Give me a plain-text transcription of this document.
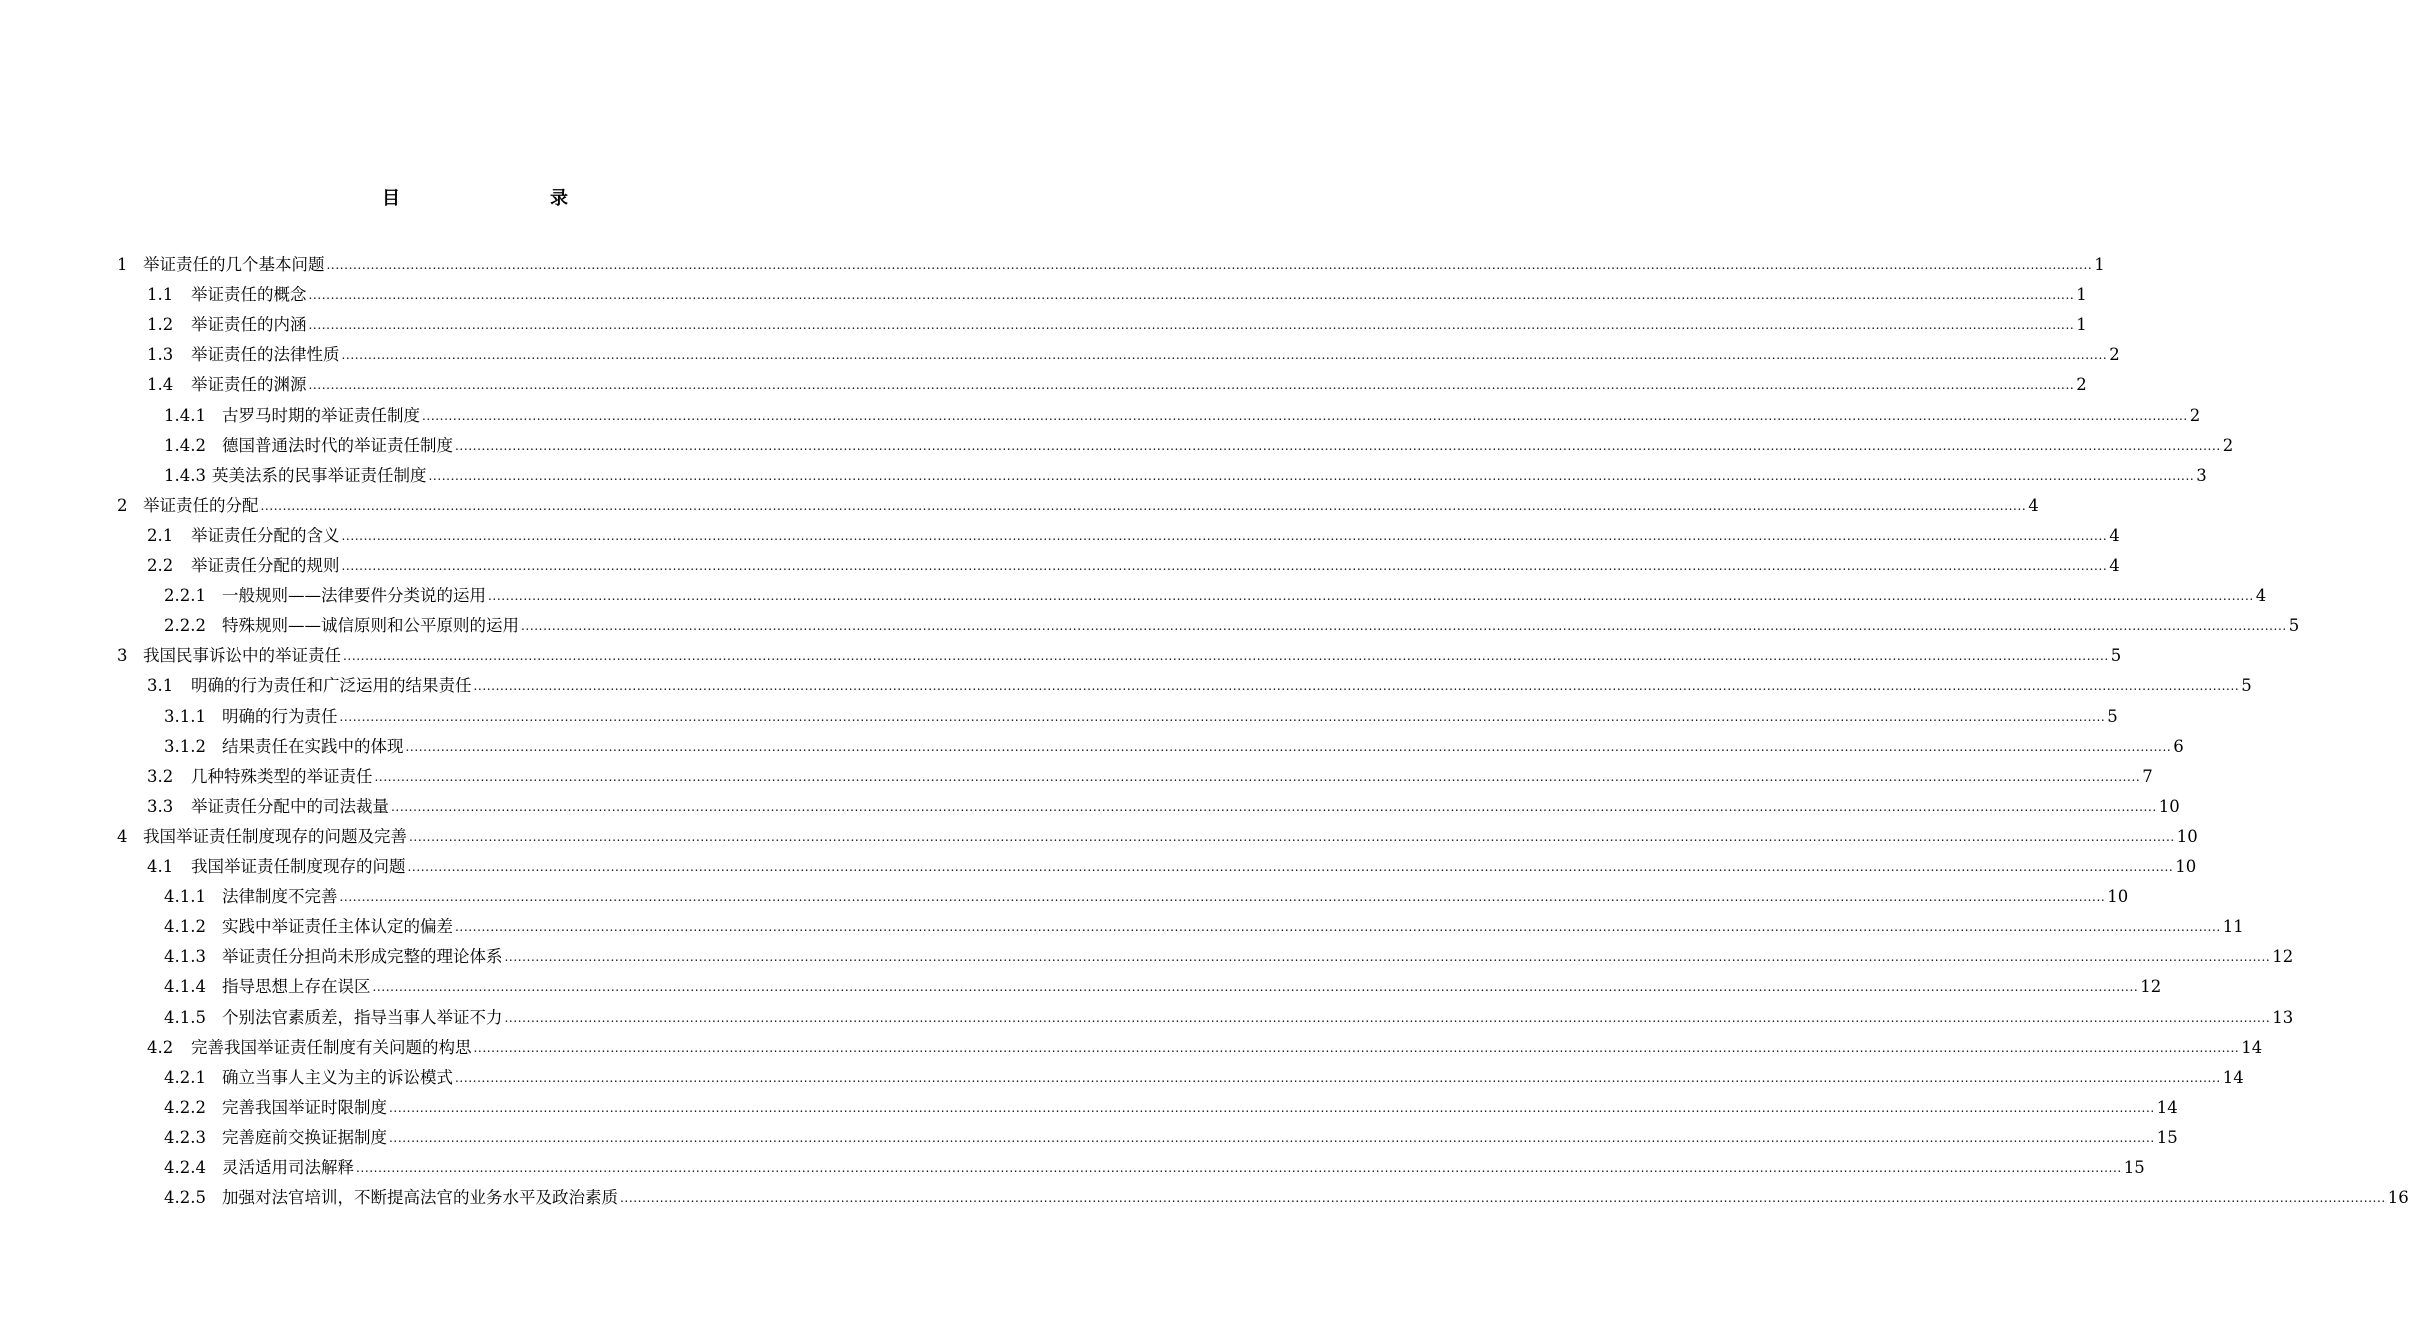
目　　录
1 举证责任的几个基本问题 ................................................................................................................................................................................................................................................................................................................................................................................................................ 1
1.1	举证责任的概念 ................................................................................................................................................................................................................................................................................................................................................................................................................ 1
1.2	举证责任的内涵 ................................................................................................................................................................................................................................................................................................................................................................................................................ 1
1.3	举证责任的法律性质 ................................................................................................................................................................................................................................................................................................................................................................................................................ 2
1.4	举证责任的渊源 ................................................................................................................................................................................................................................................................................................................................................................................................................ 2
1.4.1 古罗马时期的举证责任制度 ................................................................................................................................................................................................................................................................................................................................................................................................................ 2
1.4.2 德国普通法时代的举证责任制度 ................................................................................................................................................................................................................................................................................................................................................................................................................ 2
1.4.3 英美法系的民事举证责任制度 ................................................................................................................................................................................................................................................................................................................................................................................................................ 3
2 举证责任的分配 ................................................................................................................................................................................................................................................................................................................................................................................................................ 4
2.1	举证责任分配的含义 ................................................................................................................................................................................................................................................................................................................................................................................................................ 4
2.2	举证责任分配的规则 ................................................................................................................................................................................................................................................................................................................................................................................................................ 4
2.2.1 一般规则——法律要件分类说的运用 ................................................................................................................................................................................................................................................................................................................................................................................................................ 4
2.2.2 特殊规则——诚信原则和公平原则的运用 ................................................................................................................................................................................................................................................................................................................................................................................................................ 5
3 我国民事诉讼中的举证责任 ................................................................................................................................................................................................................................................................................................................................................................................................................ 5
3.1	明确的行为责任和广泛运用的结果责任 ................................................................................................................................................................................................................................................................................................................................................................................................................ 5
3.1.1 明确的行为责任 ................................................................................................................................................................................................................................................................................................................................................................................................................ 5
3.1.2 结果责任在实践中的体现 ................................................................................................................................................................................................................................................................................................................................................................................................................ 6
3.2	几种特殊类型的举证责任 ................................................................................................................................................................................................................................................................................................................................................................................................................ 7
3.3	举证责任分配中的司法裁量 ................................................................................................................................................................................................................................................................................................................................................................................................................ 10
4 我国举证责任制度现存的问题及完善 ................................................................................................................................................................................................................................................................................................................................................................................................................ 10
4.1	我国举证责任制度现存的问题 ................................................................................................................................................................................................................................................................................................................................................................................................................ 10
4.1.1 法律制度不完善 ................................................................................................................................................................................................................................................................................................................................................................................................................ 10
4.1.2 实践中举证责任主体认定的偏差 ................................................................................................................................................................................................................................................................................................................................................................................................................ 11
4.1.3 举证责任分担尚未形成完整的理论体系 ................................................................................................................................................................................................................................................................................................................................................................................................................ 12
4.1.4 指导思想上存在误区 ................................................................................................................................................................................................................................................................................................................................................................................................................ 12
4.1.5 个别法官素质差，指导当事人举证不力 ................................................................................................................................................................................................................................................................................................................................................................................................................ 13
4.2	完善我国举证责任制度有关问题的构思 ................................................................................................................................................................................................................................................................................................................................................................................................................ 14
4.2.1 确立当事人主义为主的诉讼模式 ................................................................................................................................................................................................................................................................................................................................................................................................................ 14
4.2.2 完善我国举证时限制度 ................................................................................................................................................................................................................................................................................................................................................................................................................ 14
4.2.3 完善庭前交换证据制度 ................................................................................................................................................................................................................................................................................................................................................................................................................ 15
4.2.4 灵活适用司法解释 ................................................................................................................................................................................................................................................................................................................................................................................................................ 15
4.2.5 加强对法官培训，不断提高法官的业务水平及政治素质 ................................................................................................................................................................................................................................................................................................................................................................................................................ 16
